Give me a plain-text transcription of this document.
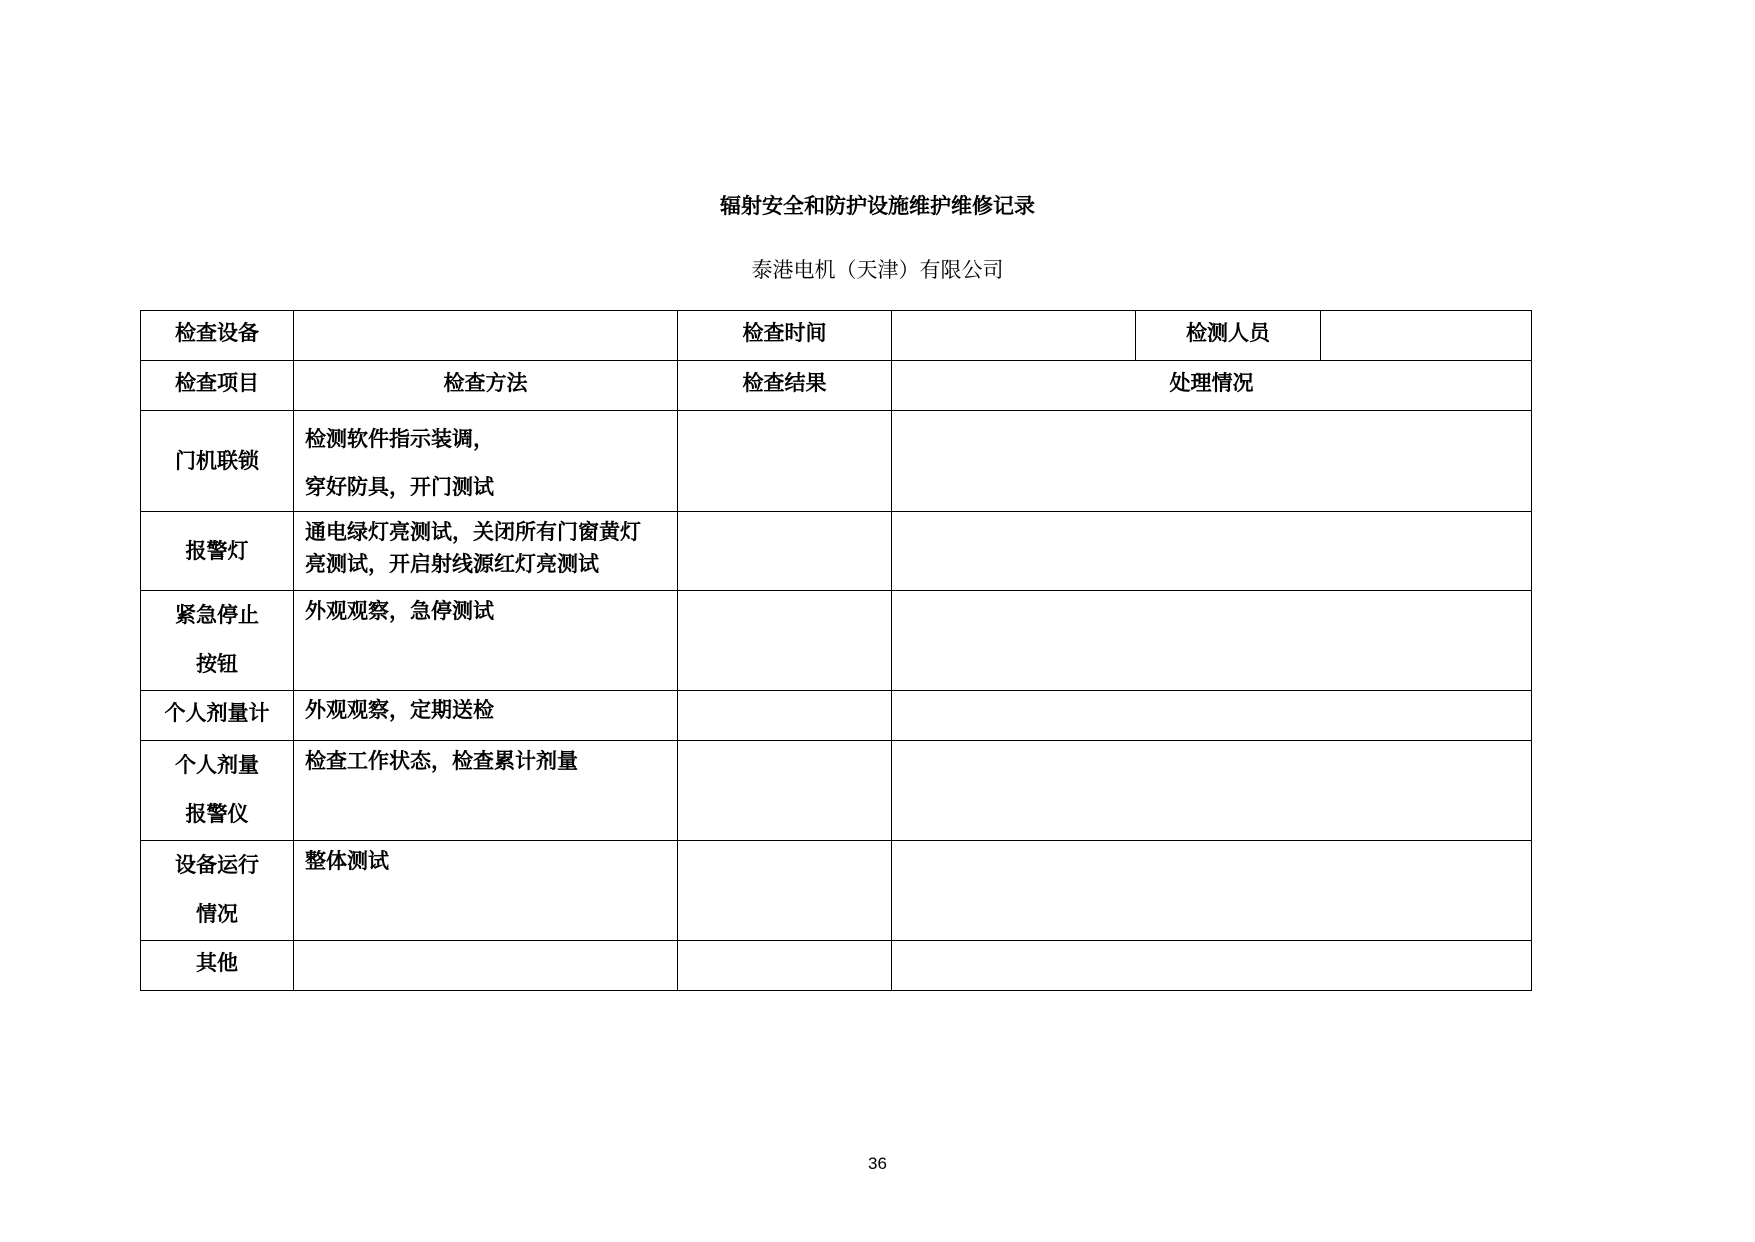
辐射安全和防护设施维护维修记录
泰港电机（天津）有限公司
检查设备		检查时间		检测人员	
检查项目	检查方法	检查结果	处理情况		

门机联锁	检测软件指示装调，
穿好防具，开门测试				

报警灯	通电绿灯亮测试，关闭所有门窗黄灯
亮测试，开启射线源红灯亮测试				

紧急停止
按钮	外观观察，急停测试				

个人剂量计	外观观察，定期送检				

个人剂量
报警仪	检查工作状态，检查累计剂量				

设备运行
情况	整体测试				

其他					

36
